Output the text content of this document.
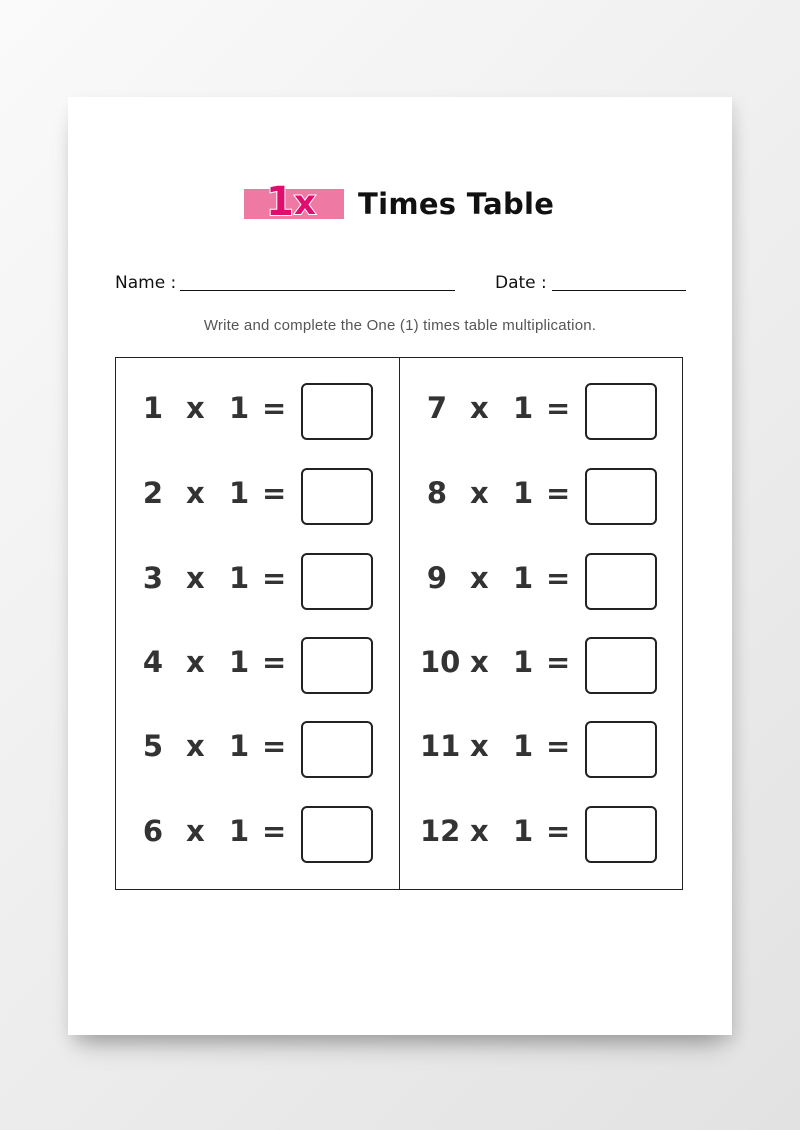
1 x Times Table
Name :	Date :
Write and complete the One (1) times table multiplication.
1 x 1 =
2 x 1 =
3 x 1 =
4 x 1 =
5 x 1 =
6 x 1 =
7 x 1 =
8 x 1 =
9 x 1 =
10 x 1 =
11 x 1 =
12 x 1 =
